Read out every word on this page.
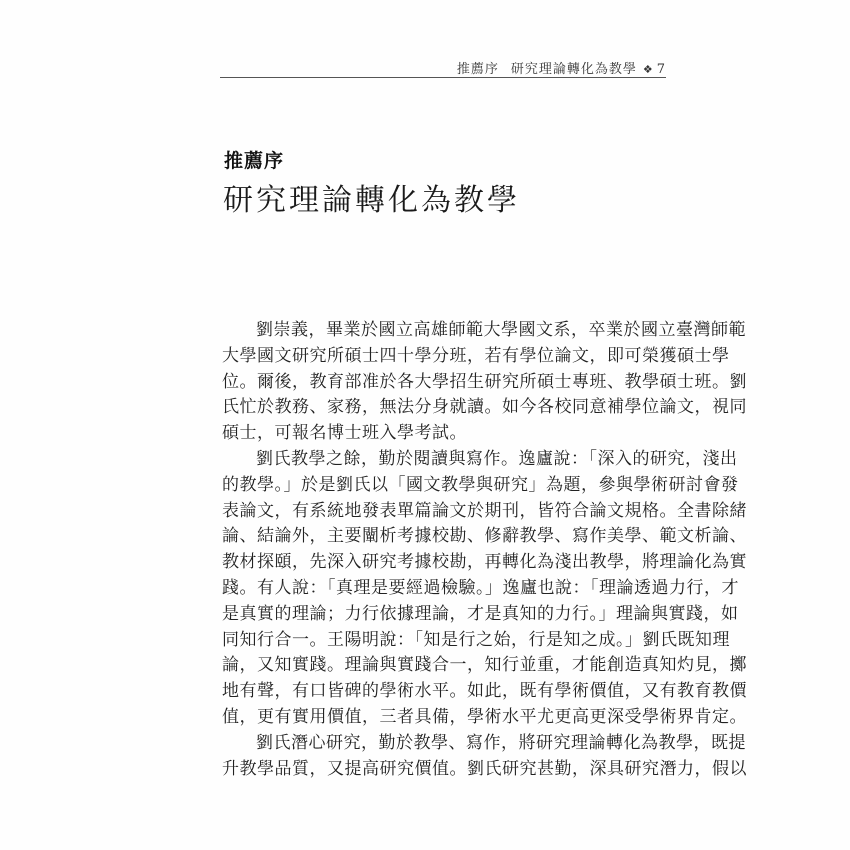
推薦序 研究理論轉化為教學 ❖ 7
推薦序
研究理論轉化為教學
劉崇義，畢業於國立高雄師範大學國文系，卒業於國立臺灣師範
大學國文研究所碩士四十學分班，若有學位論文，即可榮獲碩士學
位。爾後，教育部准於各大學招生研究所碩士專班、教學碩士班。劉
氏忙於教務、家務，無法分身就讀。如今各校同意補學位論文，視同
碩士，可報名博士班入學考試。
劉氏教學之餘，勤於閱讀與寫作。逸廬說：「深入的研究，淺出
的教學。」於是劉氏以「國文教學與研究」為題，參與學術研討會發
表論文，有系統地發表單篇論文於期刊，皆符合論文規格。全書除緒
論、結論外，主要闡析考據校勘、修辭教學、寫作美學、範文析論、
教材探頤，先深入研究考據校勘，再轉化為淺出教學，將理論化為實
踐。有人說：「真理是要經過檢驗。」逸廬也說：「理論透過力行，才
是真實的理論；力行依據理論，才是真知的力行。」理論與實踐，如
同知行合一。王陽明說：「知是行之始，行是知之成。」劉氏既知理
論，又知實踐。理論與實踐合一，知行並重，才能創造真知灼見，擲
地有聲，有口皆碑的學術水平。如此，既有學術價值，又有教育教價
值，更有實用價值，三者具備，學術水平尤更高更深受學術界肯定。
劉氏潛心研究，勤於教學、寫作，將研究理論轉化為教學，既提
升教學品質，又提高研究價值。劉氏研究甚勤，深具研究潛力，假以
